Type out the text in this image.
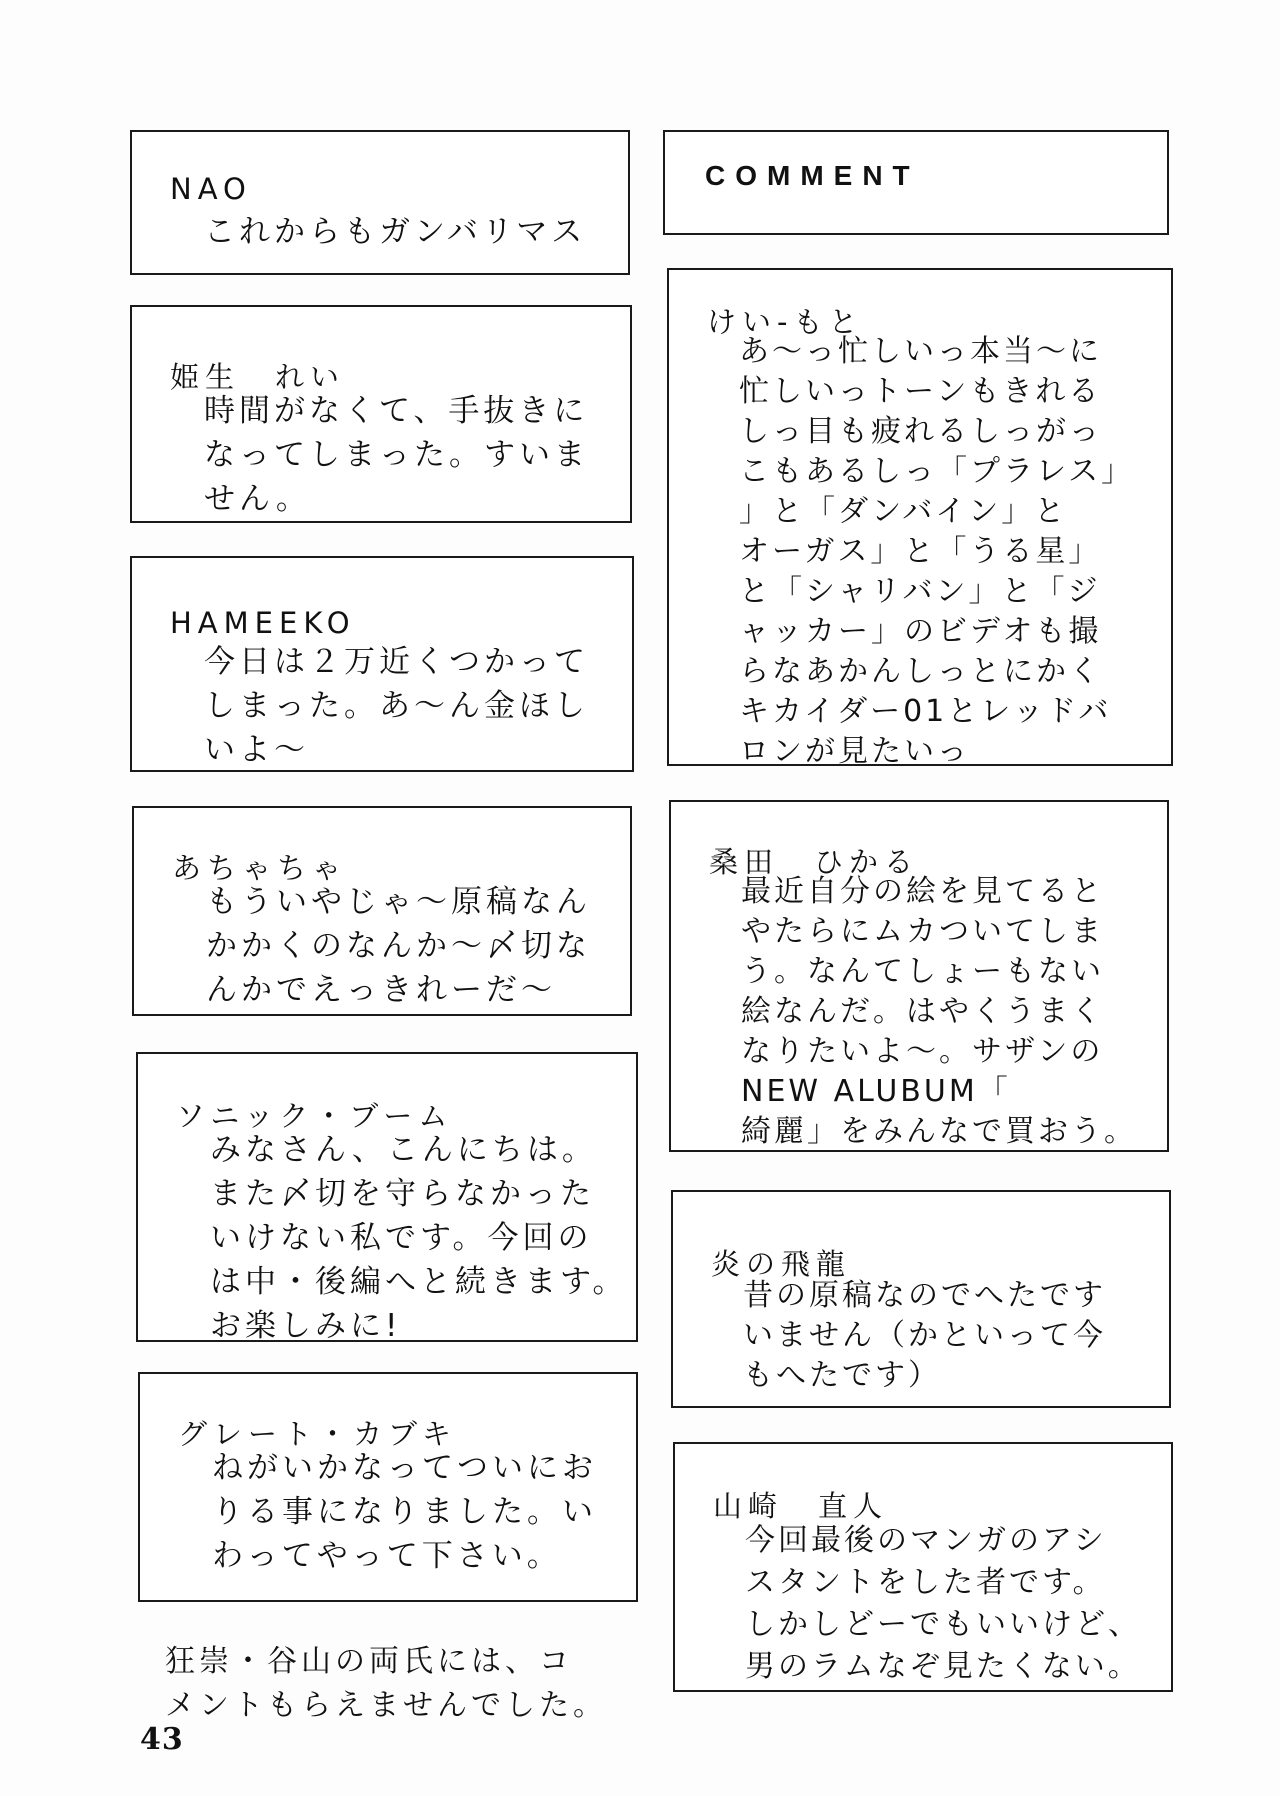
NAO
これからもガンバリマス
姫生　れい
時間がなくて、手抜きに
なってしまった。すいま
せん。
HAMEEKO
今日は２万近くつかって
しまった。あ〜ん金ほし
いよ〜
あちゃちゃ
もういやじゃ〜原稿なん
かかくのなんか〜〆切な
んかでえっきれーだ〜
ソニック・ブーム
みなさん、こんにちは。
また〆切を守らなかった
いけない私です。今回の
は中・後編へと続きます。
お楽しみに!
グレート・カブキ
ねがいかなってついにお
りる事になりました。い
わってやって下さい。
COMMENT
けい-もと
あ〜っ忙しいっ本当〜に
忙しいっトーンもきれる
しっ目も疲れるしっがっ
こもあるしっ「プラレス」
」と「ダンバイン」と
オーガス」と「うる星」
と「シャリバン」と「ジ
ャッカー」のビデオも撮
らなあかんしっとにかく
キカイダー01とレッドバ
ロンが見たいっ
桑田　ひかる
最近自分の絵を見てると
やたらにムカついてしま
う。なんてしょーもない
絵なんだ。はやくうまく
なりたいよ〜。サザンの
NEW ALUBUM「
綺麗」をみんなで買おう。
炎の飛龍
昔の原稿なのでへたです
いません（かといって今
もへたです）
山崎　直人
今回最後のマンガのアシ
スタントをした者です。
しかしどーでもいいけど、
男のラムなぞ見たくない。
狂崇・谷山の両氏には、コ
メントもらえませんでした。
43
